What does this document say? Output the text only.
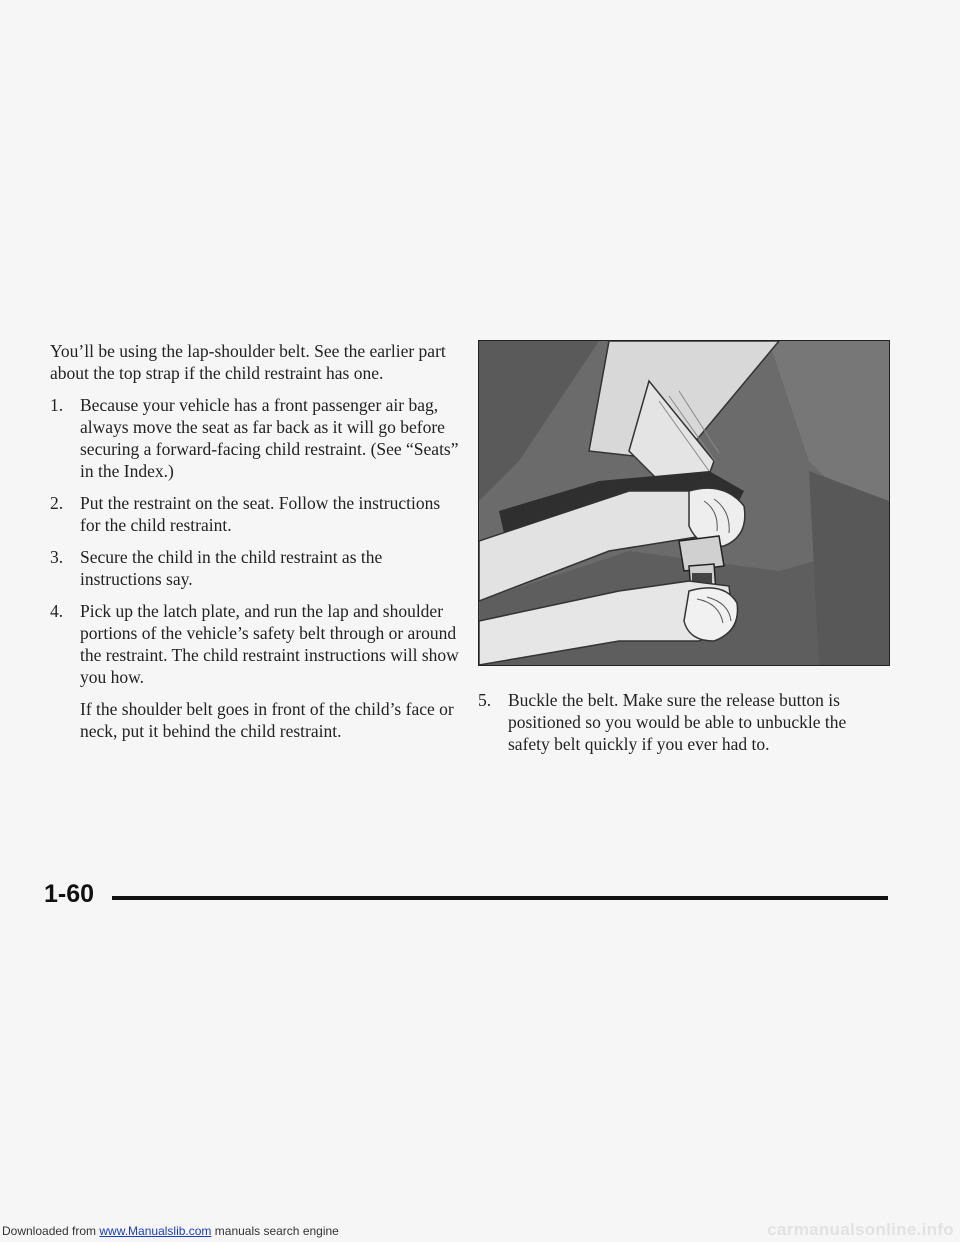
You’ll be using the lap-shoulder belt. See the earlier part about the top strap if the child restraint has one.

1. Because your vehicle has a front passenger air bag, always move the seat as far back as it will go before securing a forward-facing child restraint. (See “Seats” in the Index.)
2. Put the restraint on the seat. Follow the instructions for the child restraint.
3. Secure the child in the child restraint as the instructions say.
4. Pick up the latch plate, and run the lap and shoulder portions of the vehicle’s safety belt through or around the restraint. The child restraint instructions will show you how.
If the shoulder belt goes in front of the child’s face or neck, put it behind the child restraint.
5. Buckle the belt. Make sure the release button is positioned so you would be able to unbuckle the safety belt quickly if you ever had to.
1-60
Downloaded from www.Manualslib.com manuals search engine	carmanualsonline.info
